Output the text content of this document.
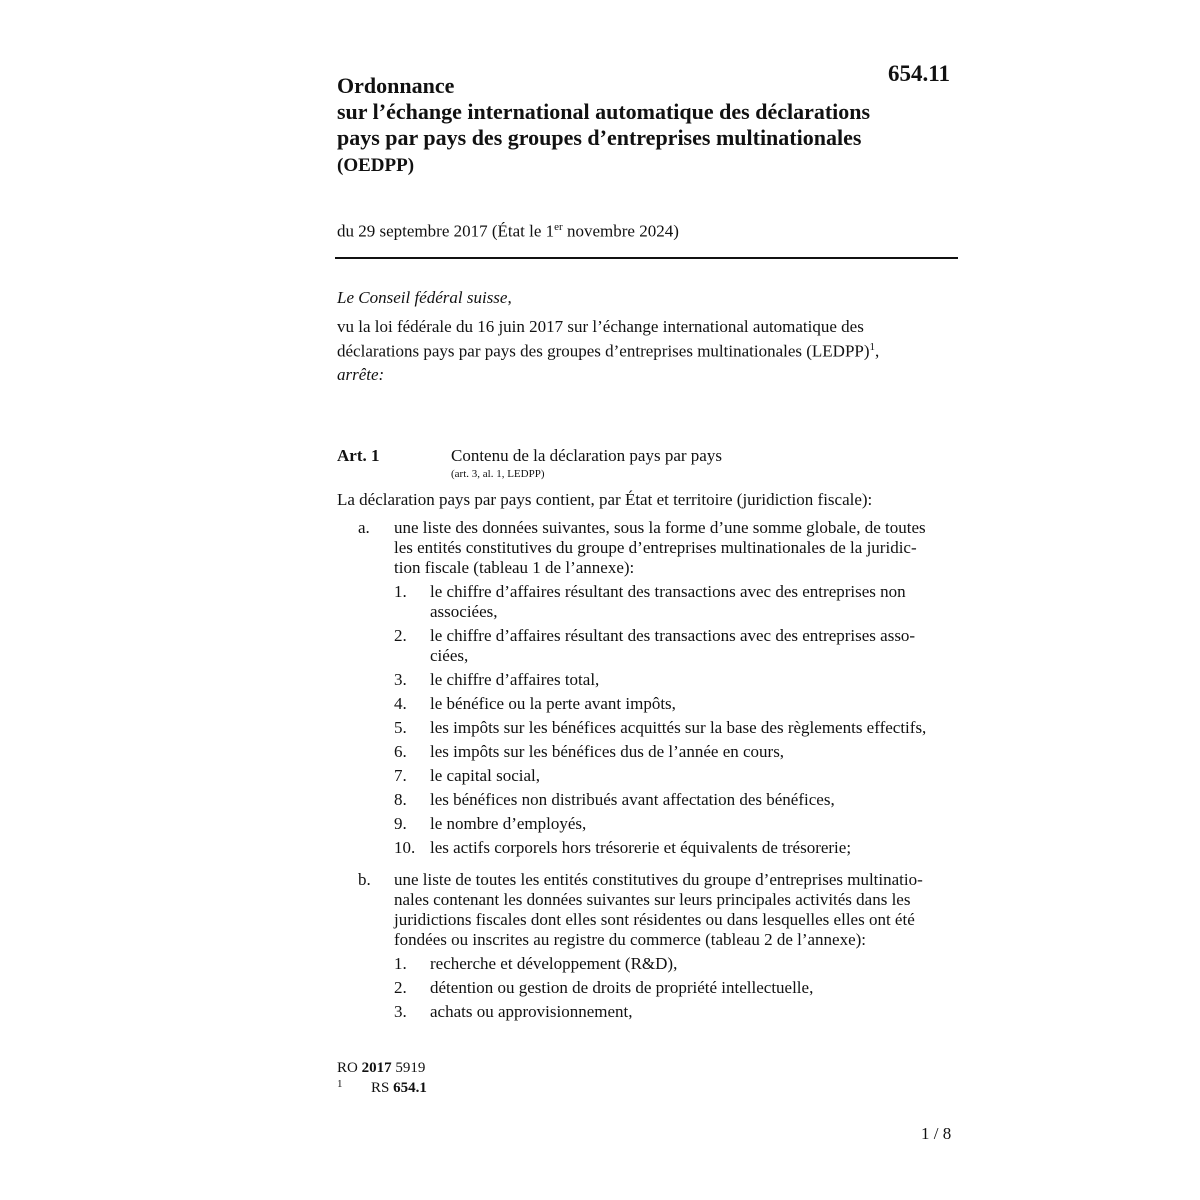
654.11
Ordonnance
sur l’échange international automatique des déclarations
pays par pays des groupes d’entreprises multinationales
(OEDPP)
du 29 septembre 2017 (État le 1er novembre 2024)
Le Conseil fédéral suisse,
vu la loi fédérale du 16 juin 2017 sur l’échange international automatique des
déclarations pays par pays des groupes d’entreprises multinationales (LEDPP)$^1$,
arrête:
Art. 1	Contenu de la déclaration pays par pays
(art. 3, al. 1, LEDPP)
La déclaration pays par pays contient, par État et territoire (juridiction fiscale):
a. une liste des données suivantes, sous la forme d’une somme globale, de toutes
les entités constitutives du groupe d’entreprises multinationales de la juridic-
tion fiscale (tableau 1 de l’annexe):
1. le chiffre d’affaires résultant des transactions avec des entreprises non
associées,
2. le chiffre d’affaires résultant des transactions avec des entreprises asso-
ciées,
3. le chiffre d’affaires total,
4. le bénéfice ou la perte avant impôts,
5. les impôts sur les bénéfices acquittés sur la base des règlements effectifs,
6. les impôts sur les bénéfices dus de l’année en cours,
7. le capital social,
8. les bénéfices non distribués avant affectation des bénéfices,
9. le nombre d’employés,
10. les actifs corporels hors trésorerie et équivalents de trésorerie;
b. une liste de toutes les entités constitutives du groupe d’entreprises multinatio-
nales contenant les données suivantes sur leurs principales activités dans les
juridictions fiscales dont elles sont résidentes ou dans lesquelles elles ont été
fondées ou inscrites au registre du commerce (tableau 2 de l’annexe):
1. recherche et développement (R&D),
2. détention ou gestion de droits de propriété intellectuelle,
3. achats ou approvisionnement,
RO 2017 5919
1 RS 654.1
1 / 8
